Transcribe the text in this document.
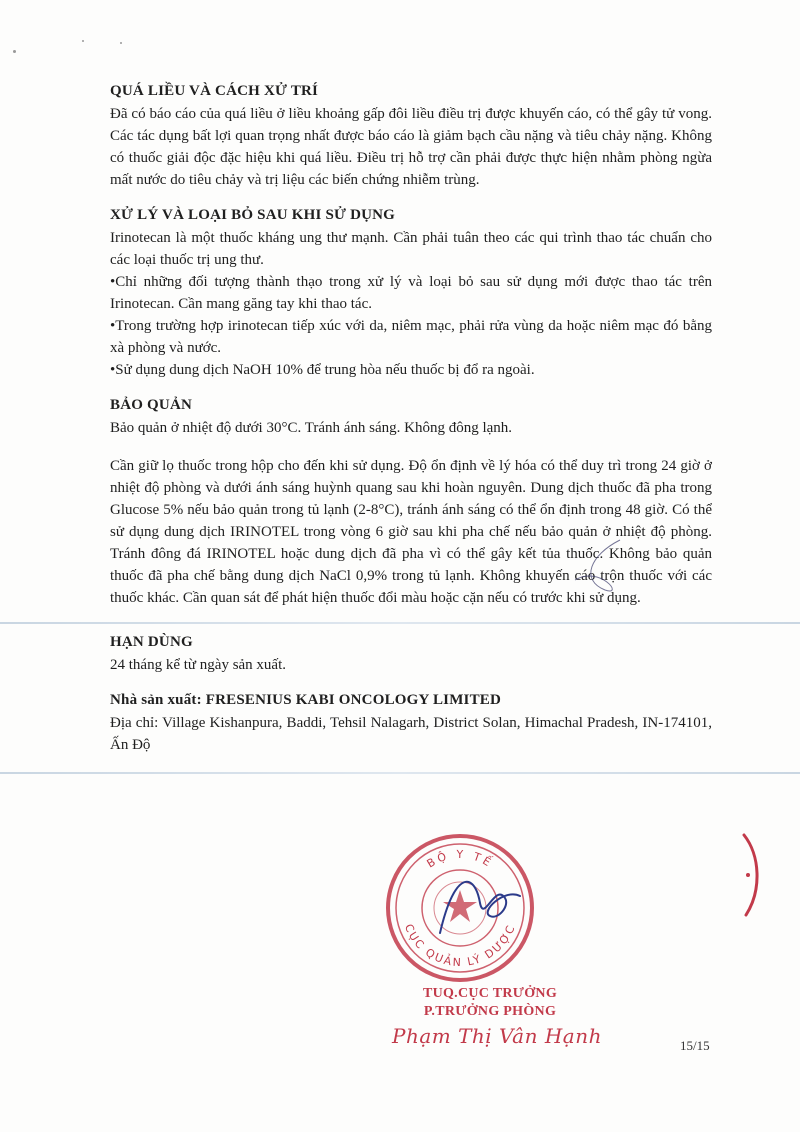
QUÁ LIỀU VÀ CÁCH XỬ TRÍ

Đã có báo cáo của quá liều ở liều khoảng gấp đôi liều điều trị được khuyến cáo, có thể gây tử vong. Các tác dụng bất lợi quan trọng nhất được báo cáo là giảm bạch cầu nặng và tiêu chảy nặng. Không có thuốc giải độc đặc hiệu khi quá liều. Điều trị hỗ trợ cần phải được thực hiện nhằm phòng ngừa mất nước do tiêu chảy và trị liệu các biến chứng nhiễm trùng.

XỬ LÝ VÀ LOẠI BỎ SAU KHI SỬ DỤNG

Irinotecan là một thuốc kháng ung thư mạnh. Cần phải tuân theo các qui trình thao tác chuẩn cho các loại thuốc trị ung thư.

• Chỉ những đối tượng thành thạo trong xử lý và loại bỏ sau sử dụng mới được thao tác trên Irinotecan. Cần mang găng tay khi thao tác.

• Trong trường hợp irinotecan tiếp xúc với da, niêm mạc, phải rửa vùng da hoặc niêm mạc đó bằng xà phòng và nước.

• Sử dụng dung dịch NaOH 10% để trung hòa nếu thuốc bị đổ ra ngoài.

BẢO QUẢN

Bảo quản ở nhiệt độ dưới 30°C. Tránh ánh sáng. Không đông lạnh.

Cần giữ lọ thuốc trong hộp cho đến khi sử dụng. Độ ổn định về lý hóa có thể duy trì trong 24 giờ ở nhiệt độ phòng và dưới ánh sáng huỳnh quang sau khi hoàn nguyên. Dung dịch thuốc đã pha trong Glucose 5% nếu bảo quản trong tủ lạnh (2-8°C), tránh ánh sáng có thể ổn định trong 48 giờ. Có thể sử dụng dung dịch IRINOTEL trong vòng 6 giờ sau khi pha chế nếu bảo quản ở nhiệt độ phòng. Tránh đông đá IRINOTEL hoặc dung dịch đã pha vì có thể gây kết tủa thuốc. Không bảo quản thuốc đã pha chế bằng dung dịch NaCl 0,9% trong tủ lạnh. Không khuyến cáo trộn thuốc với các thuốc khác. Cần quan sát để phát hiện thuốc đổi màu hoặc cặn nếu có trước khi sử dụng.

HẠN DÙNG

24 tháng kể từ ngày sản xuất.

Nhà sản xuất: FRESENIUS KABI ONCOLOGY LIMITED

Địa chỉ: Village Kishanpura, Baddi, Tehsil Nalagarh, District Solan, Himachal Pradesh, IN-174101, Ấn Độ

BỘ Y TẾ
CỤC QUẢN LÝ DƯỢC
TUQ.CỤC TRƯỞNG
P.TRƯỞNG PHÒNG
Phạm Thị Vân Hạnh	15/15
